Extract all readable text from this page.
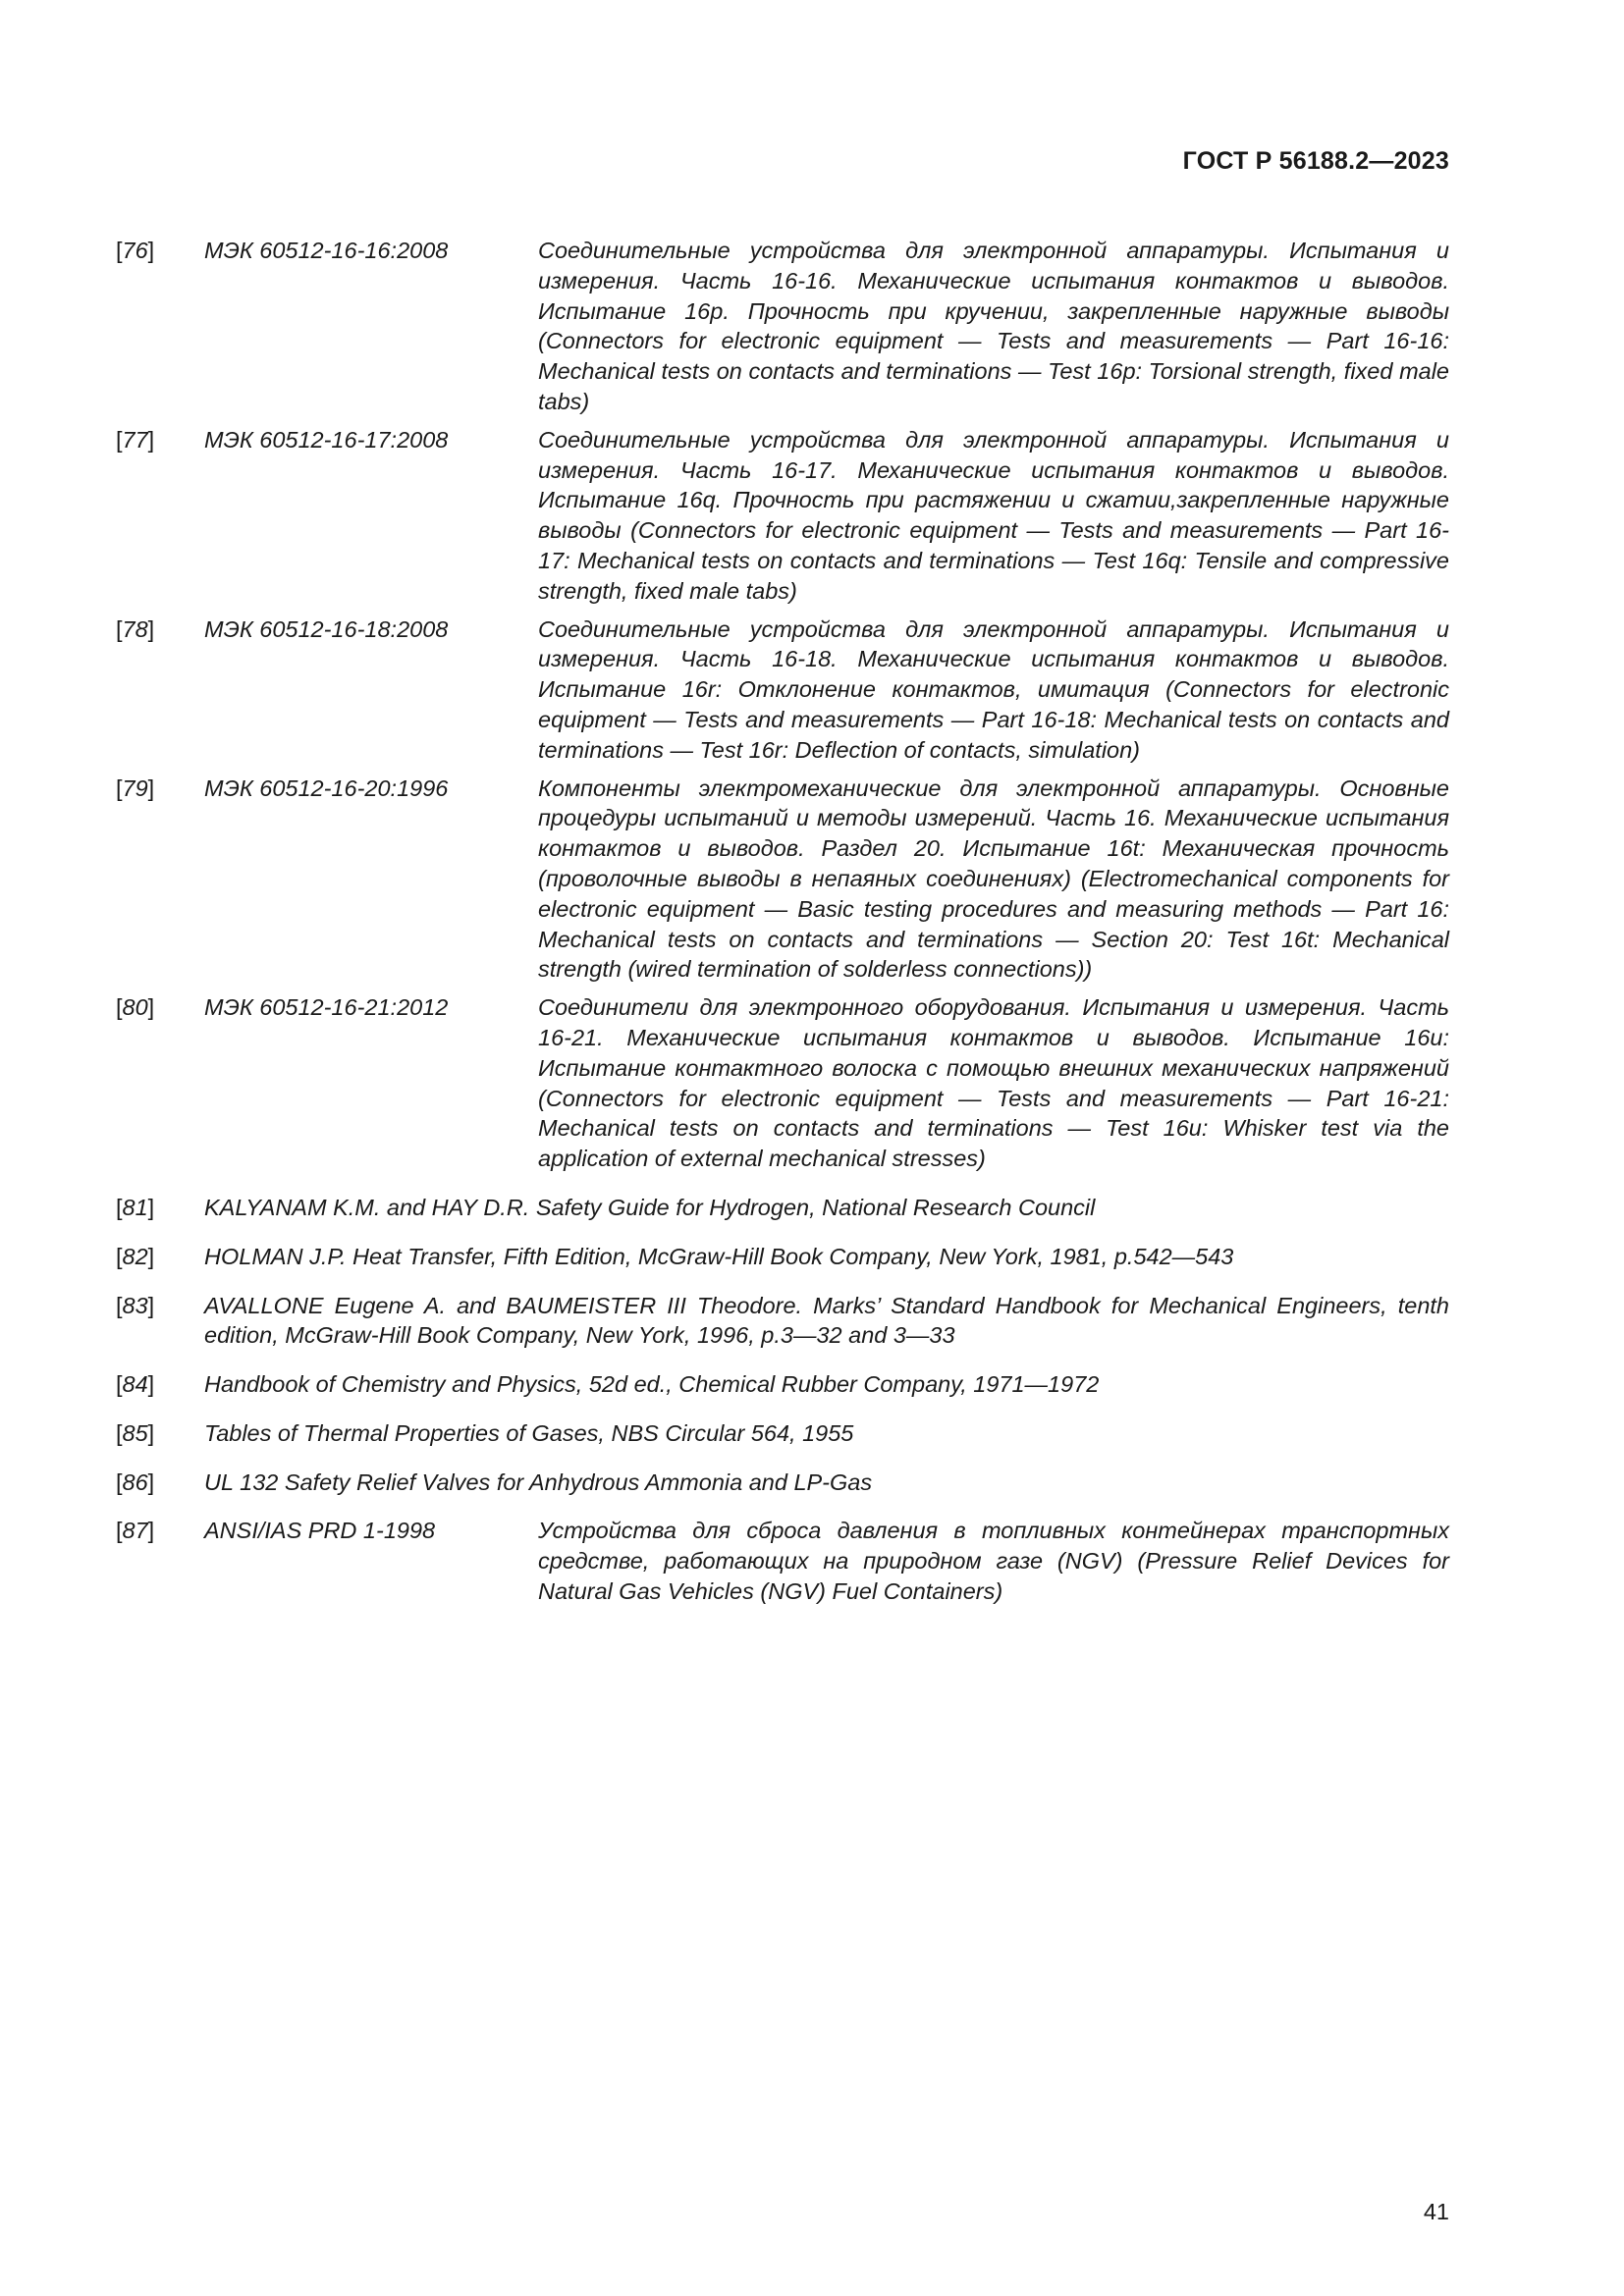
ГОСТ Р 56188.2—2023
[76] МЭК 60512-16-16:2008	Соединительные устройства для электронной аппаратуры. Испытания и измерения. Часть 16-16. Механические испытания контактов и выводов. Испытание 16p. Прочность при кручении, закрепленные наружные выводы (Connectors for electronic equipment — Tests and measurements — Part 16-16: Mechanical tests on contacts and terminations — Test 16p: Torsional strength, fixed male tabs)
[77] МЭК 60512-16-17:2008	Соединительные устройства для электронной аппаратуры. Испытания и измерения. Часть 16-17. Механические испытания контактов и выводов. Испытание 16q. Прочность при растяжении и сжатии,закрепленные наружные выводы (Connectors for electronic equipment — Tests and measurements — Part 16-17: Mechanical tests on contacts and terminations — Test 16q: Tensile and compressive strength, fixed male tabs)
[78] МЭК 60512-16-18:2008	Соединительные устройства для электронной аппаратуры. Испытания и измерения. Часть 16-18. Механические испытания контактов и выводов. Испытание 16r: Отклонение контактов, имитация (Connectors for electronic equipment — Tests and measurements — Part 16-18: Mechanical tests on contacts and terminations — Test 16r: Deflection of contacts, simulation)
[79] МЭК 60512-16-20:1996	Компоненты электромеханические для электронной аппаратуры. Основные процедуры испытаний и методы измерений. Часть 16. Механические испытания контактов и выводов. Раздел 20. Испытание 16t: Механическая прочность (проволочные выводы в непаяных соединениях) (Electromechanical components for electronic equipment — Basic testing procedures and measuring methods — Part 16: Mechanical tests on contacts and terminations — Section 20: Test 16t: Mechanical strength (wired termination of solderless connections))
[80] МЭК 60512-16-21:2012	Соединители для электронного оборудования. Испытания и измерения. Часть 16-21. Механические испытания контактов и выводов. Испытание 16u: Испытание контактного волоска с помощью внешних механических напряжений (Connectors for electronic equipment — Tests and measurements — Part 16-21: Mechanical tests on contacts and terminations — Test 16u: Whisker test via the application of external mechanical stresses)
[81] KALYANAM K.M. and HAY D.R. Safety Guide for Hydrogen, National Research Council
[82] HOLMAN J.P. Heat Transfer, Fifth Edition, McGraw-Hill Book Company, New York, 1981, p.542—543
[83] AVALLONE Eugene A. and BAUMEISTER III Theodore. Marks’ Standard Handbook for Mechanical Engineers, tenth edition, McGraw-Hill Book Company, New York, 1996, p.3—32 and 3—33
[84] Handbook of Chemistry and Physics, 52d ed., Chemical Rubber Company, 1971—1972
[85] Tables of Thermal Properties of Gases, NBS Circular 564, 1955
[86] UL 132 Safety Relief Valves for Anhydrous Ammonia and LP-Gas
[87] ANSI/IAS PRD 1-1998	Устройства для сброса давления в топливных контейнерах транспортных средстве, работающих на природном газе (NGV) (Pressure Relief Devices for Natural Gas Vehicles (NGV) Fuel Containers)
41
